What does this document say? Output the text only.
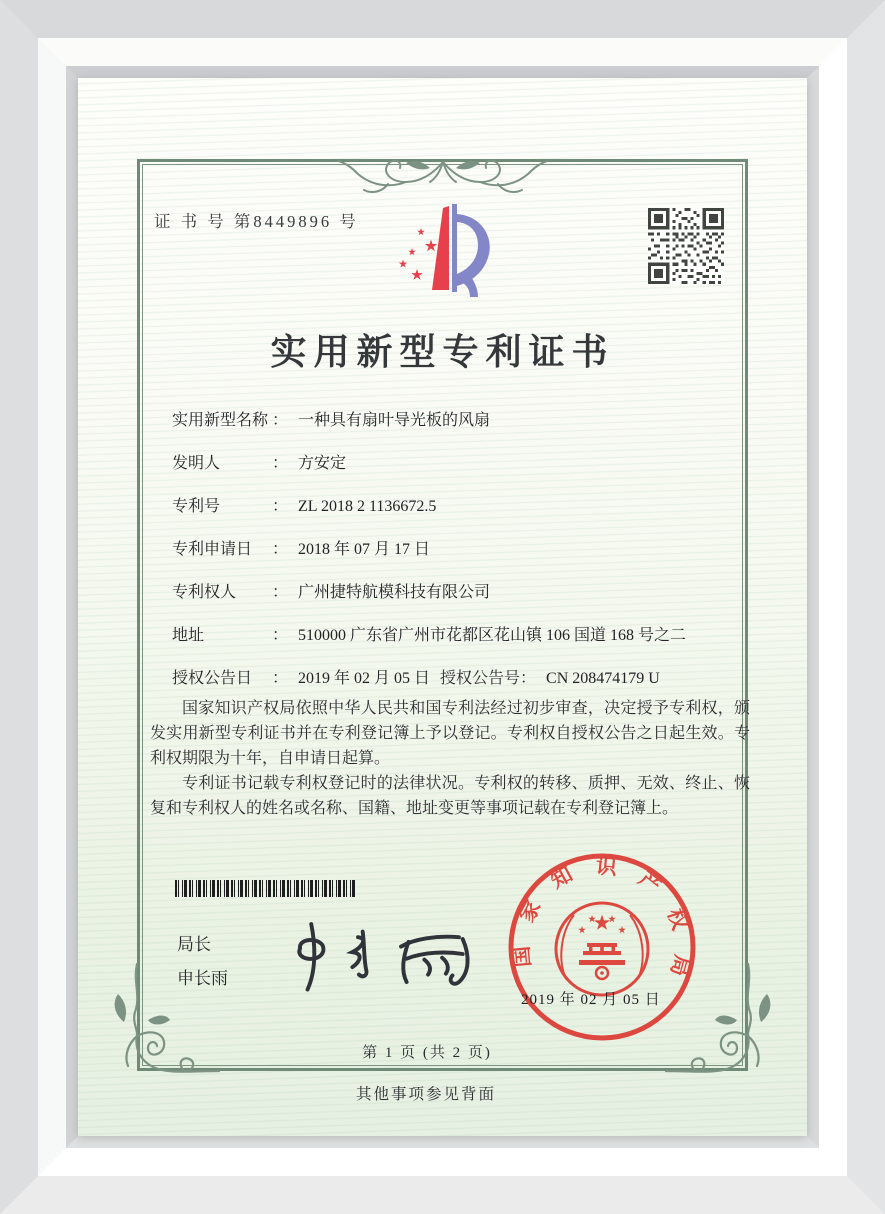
证 书 号 第8449896 号
实用新型专利证书
实用新型名称 ： 一种具有扇叶导光板的风扇
发明人	： 方安定
专利号	： ZL 2018 2 1136672.5
专利申请日 ： 2018 年 07 月 17 日
专利权人 ： 广州捷特航模科技有限公司
地址	： 510000 广东省广州市花都区花山镇 106 国道 168 号之二
授权公告日 ： 2019 年 02 月 05 日 授权公告号： CN 208474179 U

国家知识产权局依照中华人民共和国专利法经过初步审查，决定授予专利权，颁发实用新型专利证书并在专利登记簿上予以登记。专利权自授权公告之日起生效。专利权期限为十年，自申请日起算。

专利证书记载专利权登记时的法律状况。专利权的转移、质押、无效、终止、恢复和专利权人的姓名或名称、国籍、地址变更等事项记载在专利登记簿上。

局长
申长雨
国家知识产权局
2019 年 02 月 05 日
第 1 页 (共 2 页)
其他事项参见背面
